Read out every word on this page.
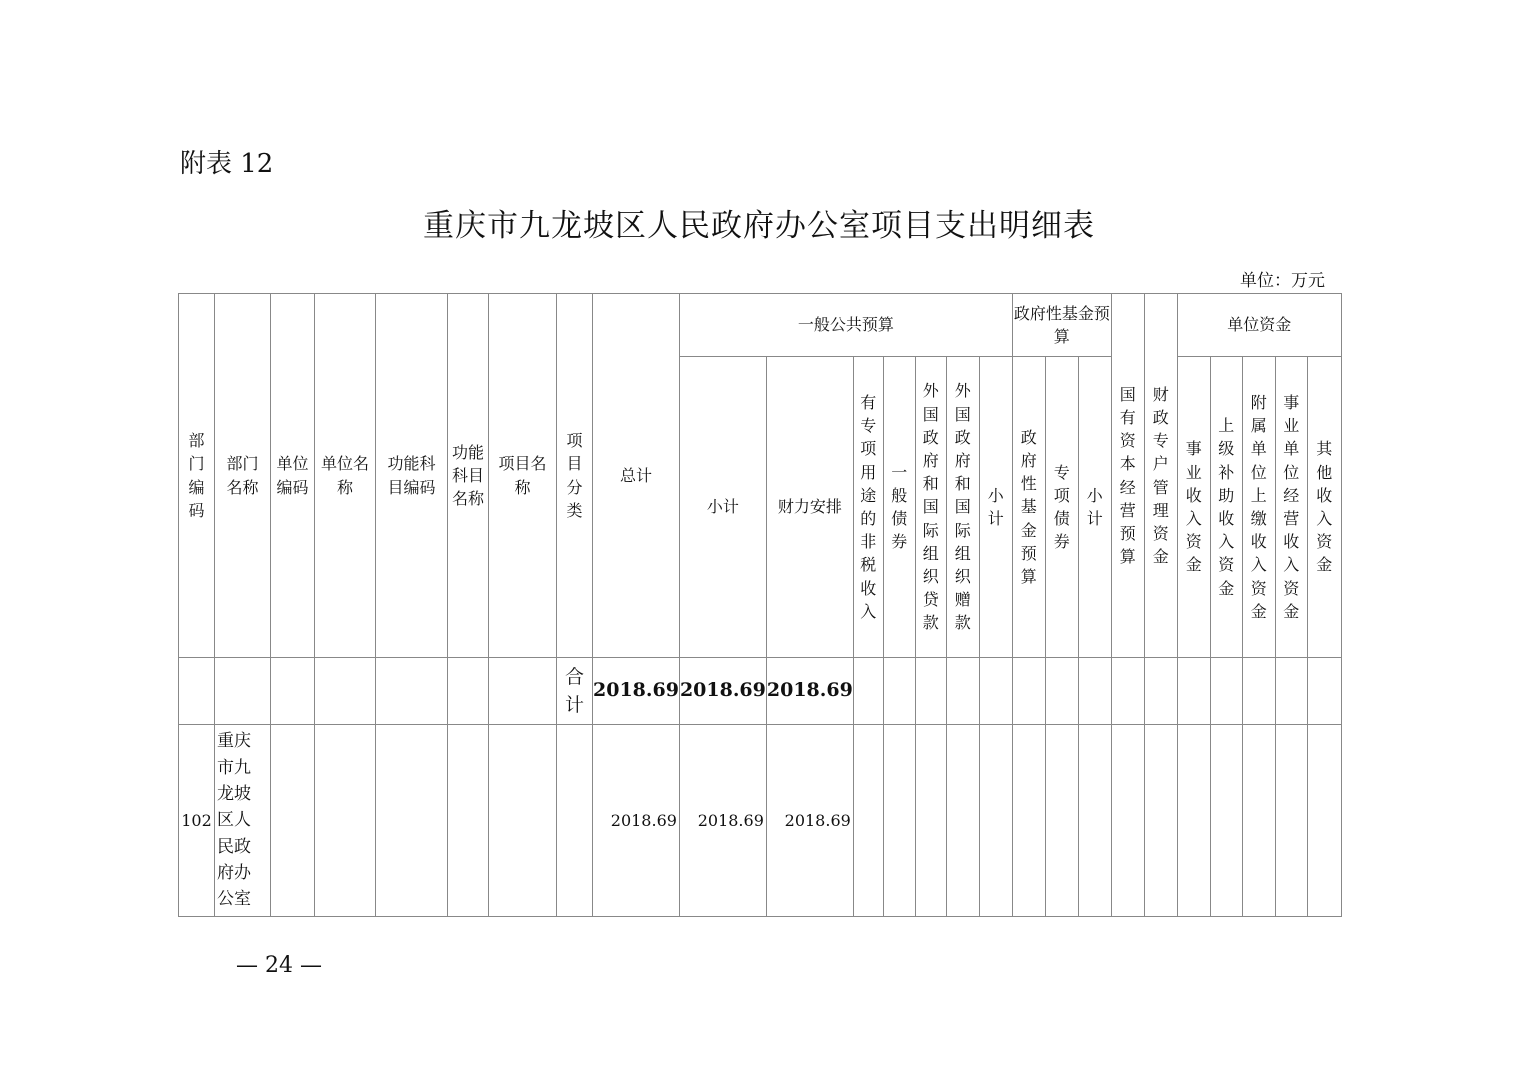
附表 12
重庆市九龙坡区人民政府办公室项目支出明细表
单位：万元
部门编码	部门名称	单位编码	单位名称	功能科目编码	功能科目名称	项目名称	项目分类	总计	一般公共预算							政府性基金预算			国有资本经营预算	财政专户管理资金	单位资金				
									小计	财力安排	有专项用途的非税收入	一般债券	外国政府和国际组织贷款	外国政府和国际组织赠款	小计	政府性基金预算	专项债券	小计			事业收入资金	上级补助收入资金	附属单位上缴收入资金	事业单位经营收入资金	其他收入资金

							合计	2018.69	2018.69	2018.69															
102	重庆市九龙坡区人民政府办公室							2018.69	2018.69	2018.69															
— 24 —
